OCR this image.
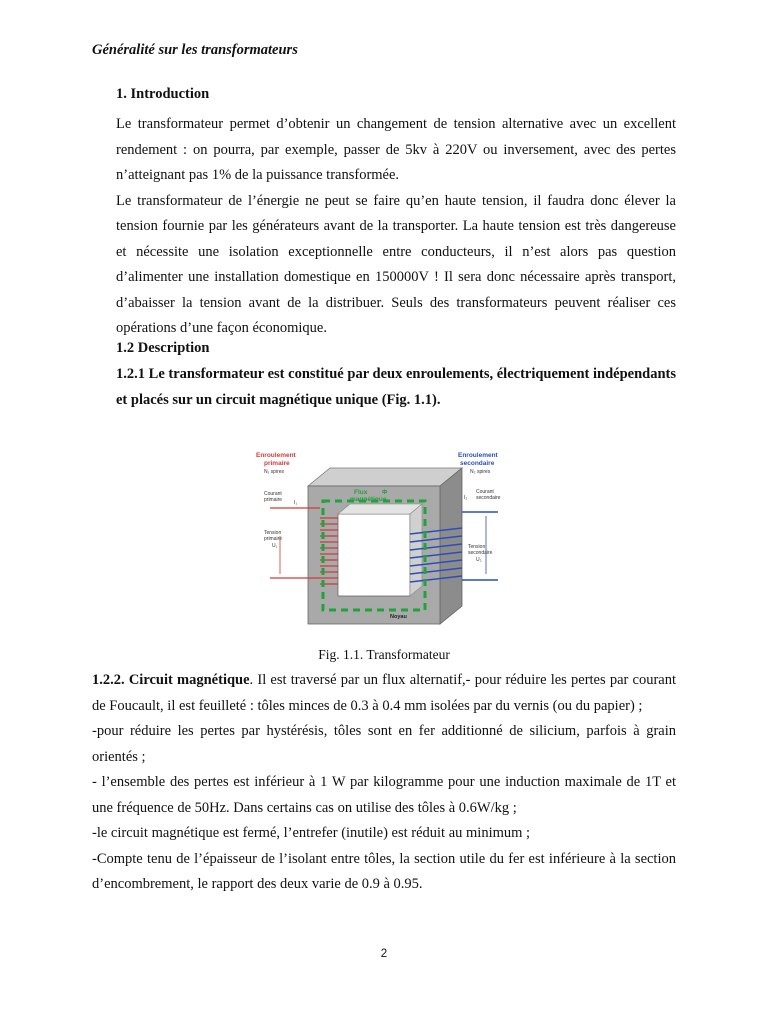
Généralité sur les transformateurs
1. Introduction
Le transformateur permet d’obtenir un changement de tension alternative avec un excellent rendement : on pourra, par exemple, passer de 5kv à 220V ou inversement, avec des pertes n’atteignant pas 1% de la puissance transformée.
Le transformateur de l’énergie ne peut se faire qu’en haute tension, il faudra donc élever la tension fournie par les générateurs avant de la transporter. La haute tension est très dangereuse et nécessite une isolation exceptionnelle entre conducteurs, il n’est alors pas question d’alimenter une installation domestique en 150000V ! Il sera donc nécessaire après transport, d’abaisser la tension avant de la distribuer. Seuls des transformateurs peuvent réaliser ces opérations d’une façon économique.
1.2 Description
1.2.1 Le transformateur est constitué par deux enroulements, électriquement indépendants et placés sur un circuit magnétique unique (Fig. 1.1).
Enroulement
primaire
N₁ spires
Courant
primaire I₁
Tension
primaire
U₁
Enroulement
secondaire
N₂ spires
Courant
secondaire
I₂
Tension
secondaire
U₂
Flux Φ
magnétique
Noyau
Fig. 1.1. Transformateur
1.2.2. Circuit magnétique. Il est traversé par un flux alternatif,- pour réduire les pertes par courant de Foucault, il est feuilleté : tôles minces de 0.3 à 0.4 mm isolées par du vernis (ou du papier) ;
-pour réduire les pertes par hystérésis, tôles sont en fer additionné de silicium, parfois à grain orientés ;
- l’ensemble des pertes est inférieur à 1 W par kilogramme pour une induction maximale de 1T et une fréquence de 50Hz. Dans certains cas on utilise des tôles à 0.6W/kg ;
-le circuit magnétique est fermé, l’entrefer (inutile) est réduit au minimum ;
-Compte tenu de l’épaisseur de l’isolant entre tôles, la section utile du fer est inférieure à la section d’encombrement, le rapport des deux varie de 0.9 à 0.95.
2
